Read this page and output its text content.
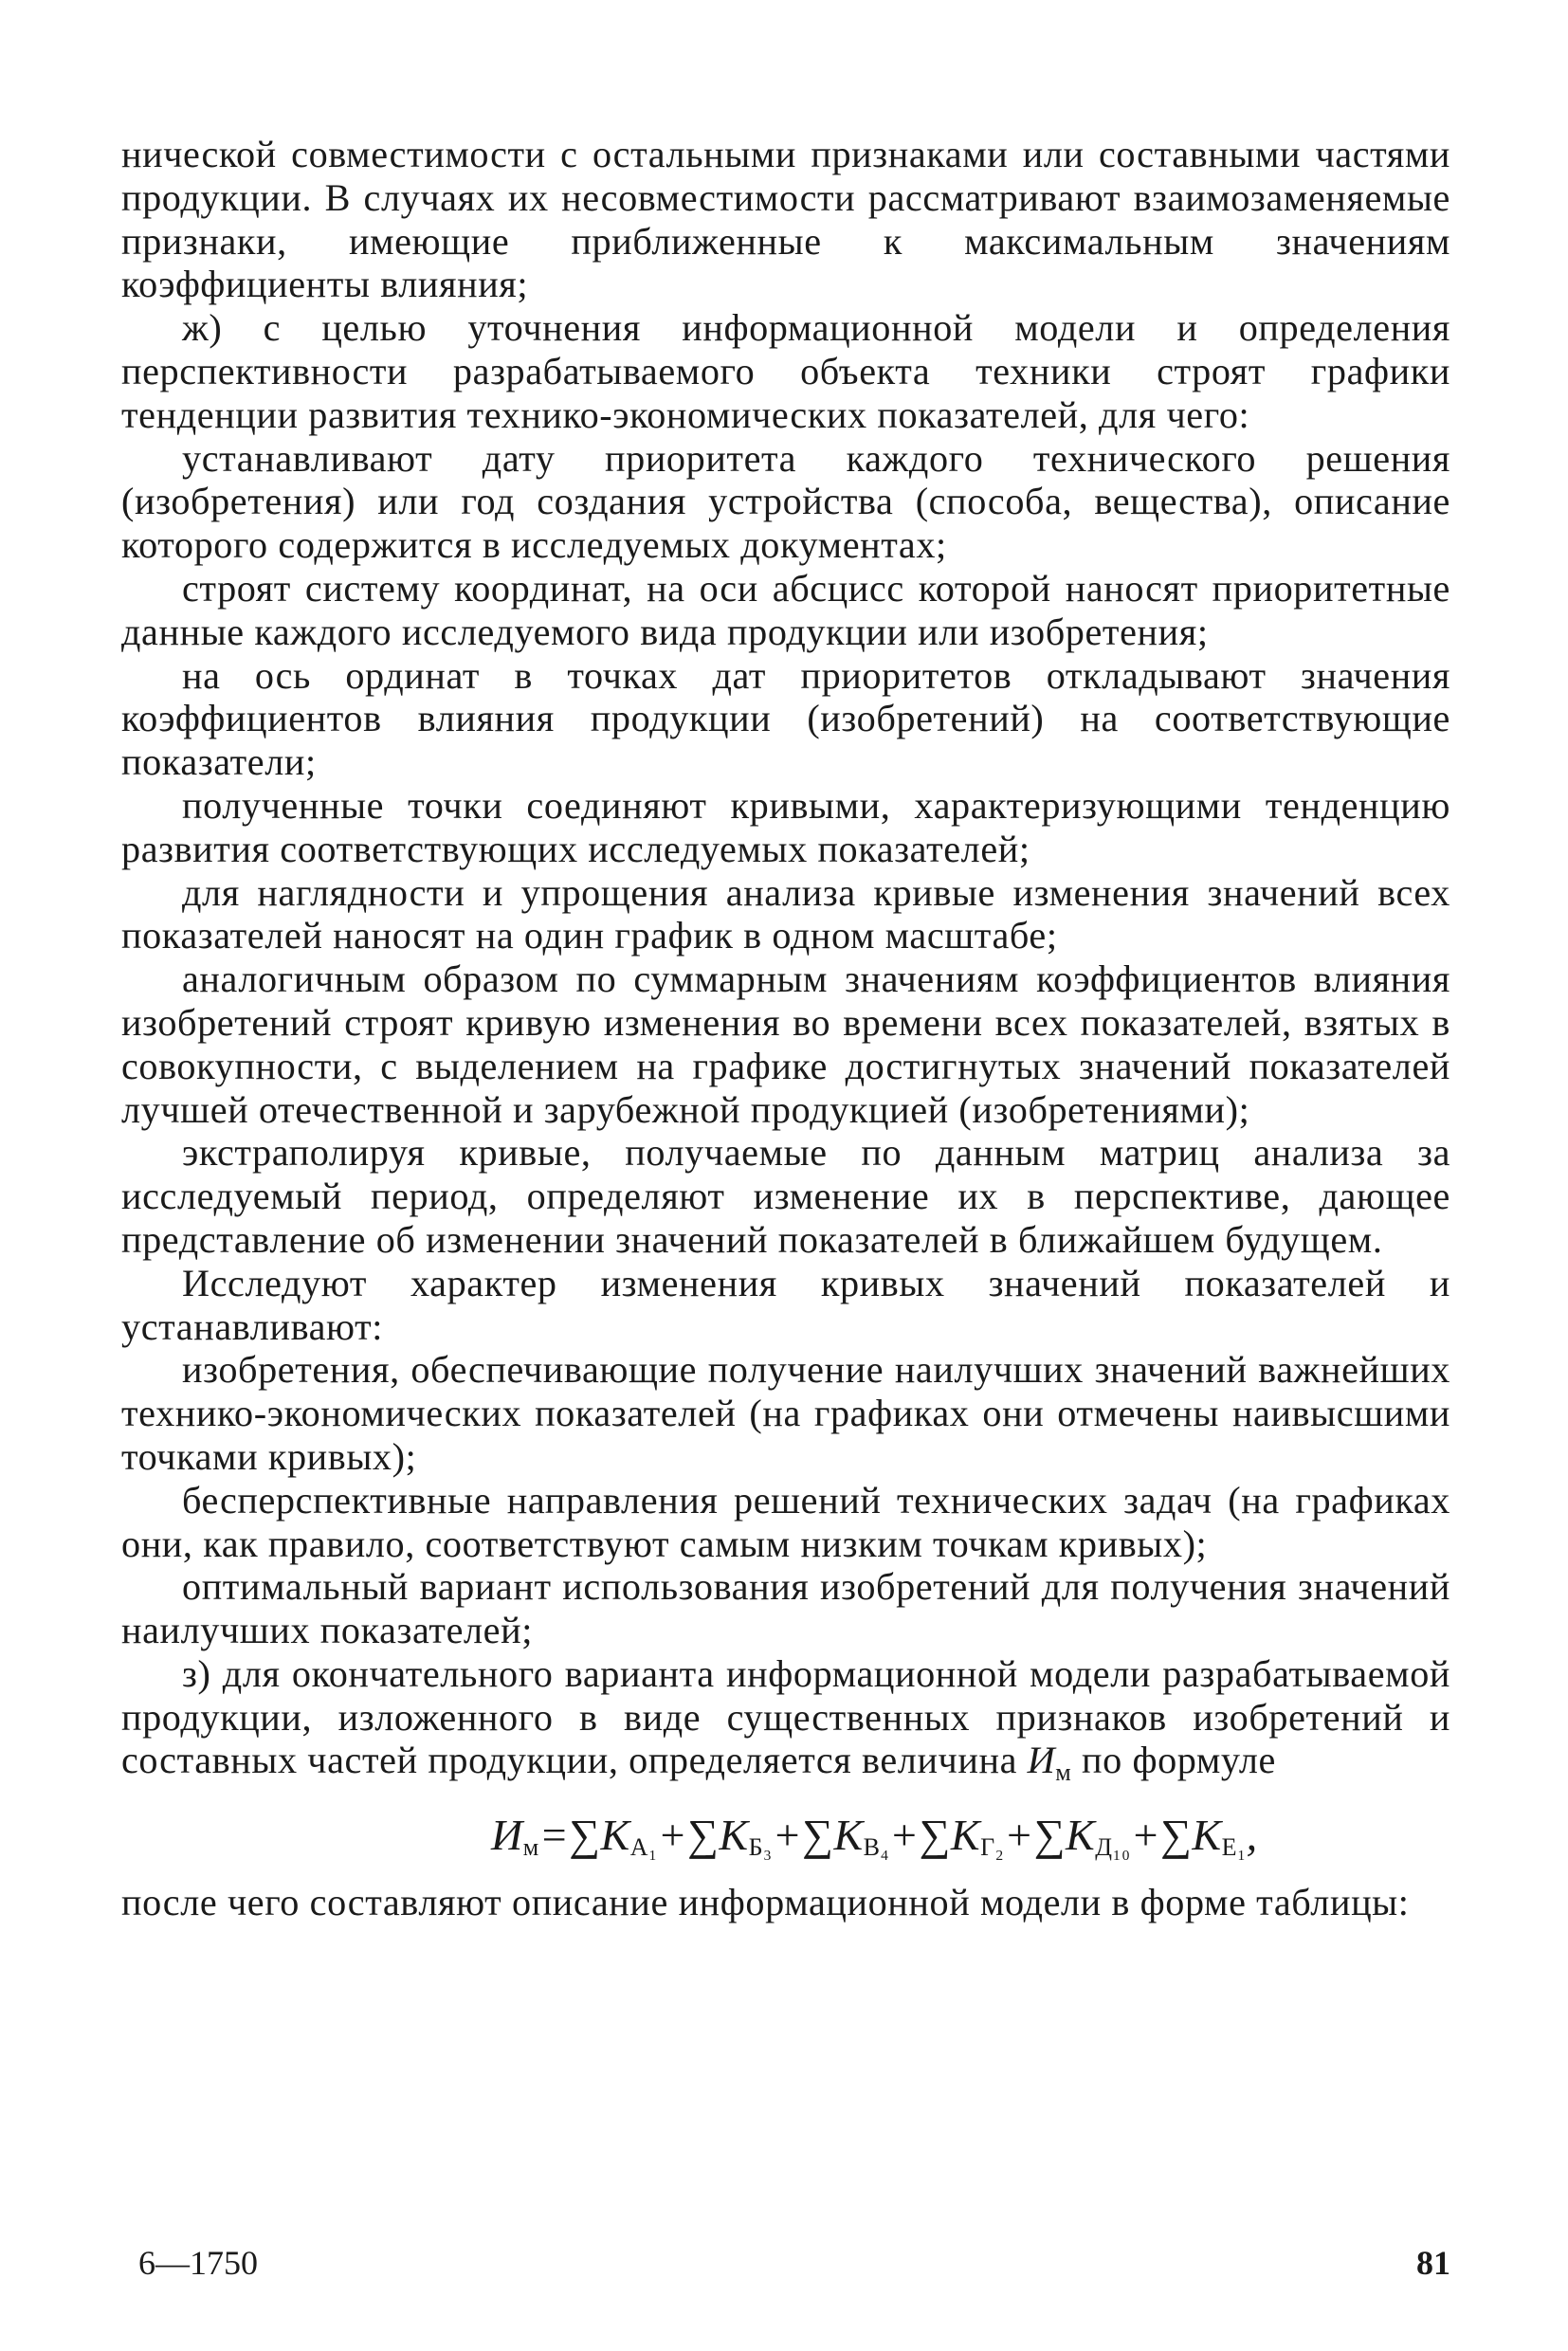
нической совместимости с остальными признаками или составными частями продукции. В случаях их несовместимости рассматривают взаимозаменяемые признаки, имеющие приближенные к максимальным значениям коэффициенты влияния;

ж) с целью уточнения информационной модели и определения перспективности разрабатываемого объекта техники строят графики тенденции развития технико-экономических показателей, для чего:

устанавливают дату приоритета каждого технического решения (изобретения) или год создания устройства (способа, вещества), описание которого содержится в исследуемых документах;

строят систему координат, на оси абсцисс которой наносят приоритетные данные каждого исследуемого вида продукции или изобретения;

на ось ординат в точках дат приоритетов откладывают значения коэффициентов влияния продукции (изобретений) на соответствующие показатели;

полученные точки соединяют кривыми, характеризующими тенденцию развития соответствующих исследуемых показателей;

для наглядности и упрощения анализа кривые изменения значений всех показателей наносят на один график в одном масштабе;

аналогичным образом по суммарным значениям коэффициентов влияния изобретений строят кривую изменения во времени всех показателей, взятых в совокупности, с выделением на графике достигнутых значений показателей лучшей отечественной и зарубежной продукцией (изобретениями);

экстраполируя кривые, получаемые по данным матриц анализа за исследуемый период, определяют изменение их в перспективе, дающее представление об изменении значений показателей в ближайшем будущем.

Исследуют характер изменения кривых значений показателей и устанавливают:

изобретения, обеспечивающие получение наилучших значений важнейших технико-экономических показателей (на графиках они отмечены наивысшими точками кривых);

бесперспективные направления решений технических задач (на графиках они, как правило, соответствуют самым низким точкам кривых);

оптимальный вариант использования изобретений для получения значений наилучших показателей;

з) для окончательного варианта информационной модели разрабатываемой продукции, изложенного в виде существенных признаков изобретений и составных частей продукции, определяется величина $И_м$ по формуле

$И_м=\sum K_{A_1}+\sum K_{Б_3}+\sum K_{B_4}+\sum K_{Г_2}+\sum K_{Д_{10}}+\sum K_{E_1}$,

после чего составляют описание информационной модели в форме таблицы:

6—1750	81
